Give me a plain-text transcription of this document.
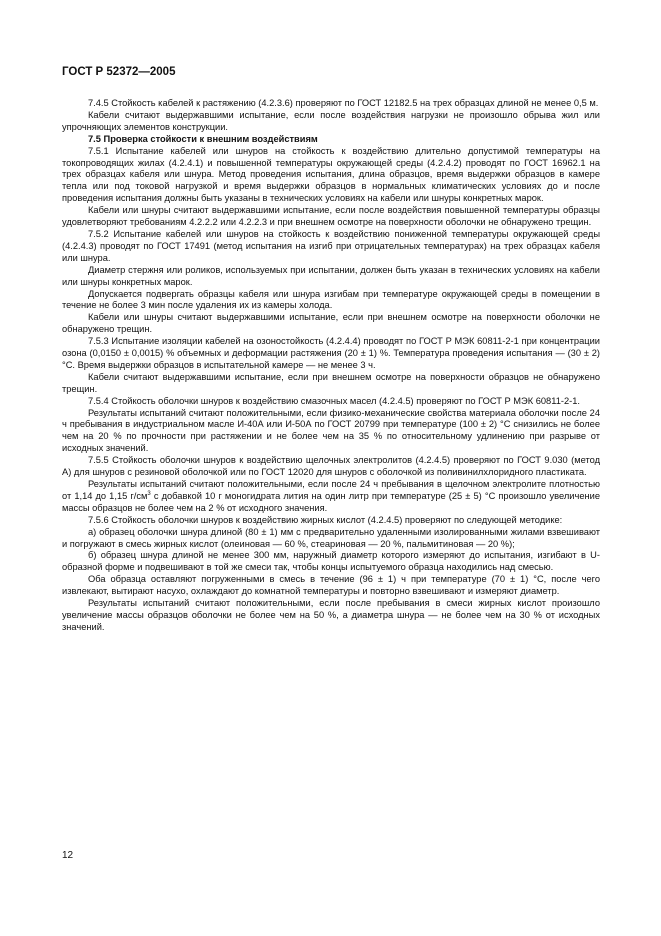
ГОСТ Р 52372—2005

7.4.5 Стойкость кабелей к растяжению (4.2.3.6) проверяют по ГОСТ 12182.5 на трех образцах длиной не менее 0,5 м.

Кабели считают выдержавшими испытание, если после воздействия нагрузки не произошло обрыва жил или упрочняющих элементов конструкции.

7.5 Проверка стойкости к внешним воздействиям

7.5.1 Испытание кабелей или шнуров на стойкость к воздействию длительно допустимой температуры на токопроводящих жилах (4.2.4.1) и повышенной температуры окружающей среды (4.2.4.2) проводят по ГОСТ 16962.1 на трех образцах кабеля или шнура. Метод проведения испытания, длина образцов, время выдержки образцов в камере тепла или под токовой нагрузкой и время выдержки образцов в нормальных климатических условиях до и после проведения испытания должны быть указаны в технических условиях на кабели или шнуры конкретных марок.

Кабели или шнуры считают выдержавшими испытание, если после воздействия повышенной температуры образцы удовлетворяют требованиям 4.2.2.2 или 4.2.2.3 и при внешнем осмотре на поверхности оболочки не обнаружено трещин.

7.5.2 Испытание кабелей или шнуров на стойкость к воздействию пониженной температуры окружающей среды (4.2.4.3) проводят по ГОСТ 17491 (метод испытания на изгиб при отрицательных температурах) на трех образцах кабеля или шнура.

Диаметр стержня или роликов, используемых при испытании, должен быть указан в технических условиях на кабели или шнуры конкретных марок.

Допускается подвергать образцы кабеля или шнура изгибам при температуре окружающей среды в помещении в течение не более 3 мин после удаления их из камеры холода.

Кабели или шнуры считают выдержавшими испытание, если при внешнем осмотре на поверхности оболочки не обнаружено трещин.

7.5.3 Испытание изоляции кабелей на озоностойкость (4.2.4.4) проводят по ГОСТ Р МЭК 60811-2-1 при концентрации озона (0,0150 ± 0,0015) % объемных и деформации растяжения (20 ± 1) %. Температура проведения испытания — (30 ± 2) °С. Время выдержки образцов в испытательной камере — не менее 3 ч.

Кабели считают выдержавшими испытание, если при внешнем осмотре на поверхности образцов не обнаружено трещин.

7.5.4 Стойкость оболочки шнуров к воздействию смазочных масел (4.2.4.5) проверяют по ГОСТ Р МЭК 60811-2-1.

Результаты испытаний считают положительными, если физико-механические свойства материала оболочки после 24 ч пребывания в индустриальном масле И-40А или И-50А по ГОСТ 20799 при температуре (100 ± 2) °С снизились не более чем на 20 % по прочности при растяжении и не более чем на 35 % по относительному удлинению при разрыве от исходных значений.

7.5.5 Стойкость оболочки шнуров к воздействию щелочных электролитов (4.2.4.5) проверяют по ГОСТ 9.030 (метод А) для шнуров с резиновой оболочкой или по ГОСТ 12020 для шнуров с оболочкой из поливинилхлоридного пластиката.

Результаты испытаний считают положительными, если после 24 ч пребывания в щелочном электролите плотностью от 1,14 до 1,15 $г/см^3$ с добавкой 10 г моногидрата лития на один литр при температуре (25 ± 5) °С произошло увеличение массы образцов не более чем на 2 % от исходного значения.

7.5.6 Стойкость оболочки шнуров к воздействию жирных кислот (4.2.4.5) проверяют по следующей методике:

а) образец оболочки шнура длиной (80 ± 1) мм с предварительно удаленными изолированными жилами взвешивают и погружают в смесь жирных кислот (олеиновая — 60 %, стеариновая — 20 %, пальмитиновая — 20 %);

б) образец шнура длиной не менее 300 мм, наружный диаметр которого измеряют до испытания, изгибают в U-образной форме и подвешивают в той же смеси так, чтобы концы испытуемого образца находились над смесью.

Оба образца оставляют погруженными в смесь в течение (96 ± 1) ч при температуре (70 ± 1) °С, после чего извлекают, вытирают насухо, охлаждают до комнатной температуры и повторно взвешивают и измеряют диаметр.

Результаты испытаний считают положительными, если после пребывания в смеси жирных кислот произошло увеличение массы образцов оболочки не более чем на 50 %, а диаметра шнура — не более чем на 30 % от исходных значений.

12
